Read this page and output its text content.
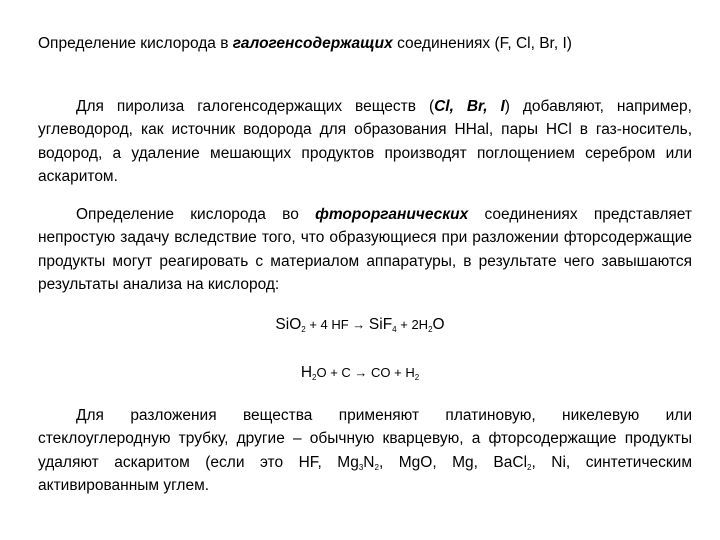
Определение кислорода в галогенсодержащих соединениях (F, Cl, Br, I)
Для пиролиза галогенсодержащих веществ (Cl, Br, I) добавляют, например, углеводород, как источник водорода для образования HHal, пары HCl в газ-носитель, водород, а удаление мешающих продуктов производят поглощением серебром или аскаритом.
Определение кислорода во фторорганических соединениях представляет непростую задачу вследствие того, что образующиеся при разложении фторсодержащие продукты могут реагировать с материалом аппаратуры, в результате чего завышаются результаты анализа на кислород:
SiO$_2$ + 4 HF → $SiF_4 + 2H_2O$
$H_2O + C$ → CO + $H_2$
Для разложения вещества применяют платиновую, никелевую или стеклоуглеродную трубку, другие – обычную кварцевую, а фторсодержащие продукты удаляют аскаритом (если это HF, $Mg_3N_2$, MgO, Mg, BaCl$_2$, Ni, синтетическим активированным углем.
